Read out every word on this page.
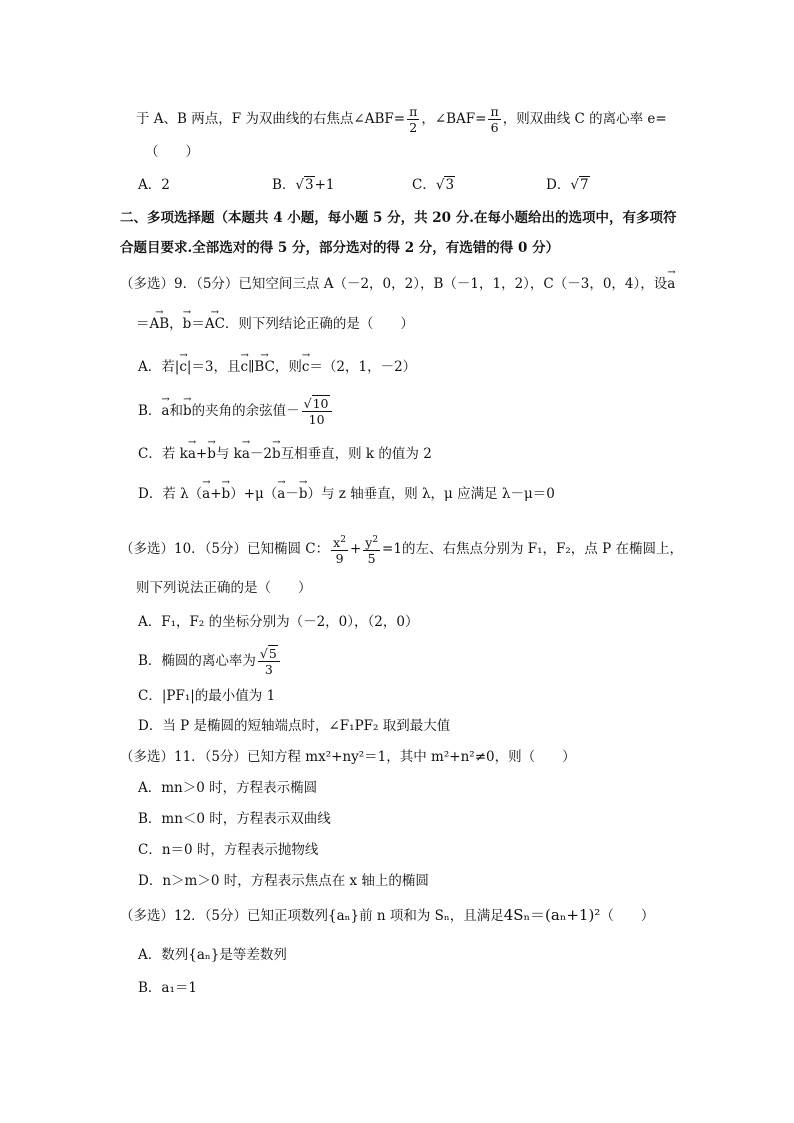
于 A、B 两点，F 为双曲线的右焦点∠ABF= $\frac{\pi}{2}$ ，∠BAF= $\frac{\pi}{6}$ ，则双曲线 C 的离心率 e=
（　　）
A．2	B．√3+1	C．√3	D．√7
二、多项选择题（本题共 4 小题，每小题 5 分，共 20 分.在每小题给出的选项中，有多项符
合题目要求.全部选对的得 5 分，部分选对的得 2 分，有选错的得 0 分）
（多选）9．（5分）已知空间三点 A（－2，0，2），B（－1，1，2），C（－3，0，4），设→ a
＝→ AB，→ b＝→ AC．则下列结论正确的是（　　）
A．若|→ c|＝3，且→ c∥→ BC，则→ c＝（2，1，－2）
B．→ a和→ b的夹角的余弦值－ $\frac{√10}{10}$
C．若 k→ a+→ b与 k→ a－2→ b互相垂直，则 k 的值为 2
D．若 λ（→ a+→ b）+μ（→ a－→ b）与 z 轴垂直，则 λ，μ 应满足 λ－μ＝0
（多选）10．（5分）已知椭圆 C： $\frac{x^2}{9} + \frac{y^2}{5} =1$的左、右焦点分别为 F₁，F₂，点 P 在椭圆上，
则下列说法正确的是（　　）
A．F₁，F₂ 的坐标分别为（－2，0），（2，0）
B．椭圆的离心率为 $\frac{√5}{3}$
C．|PF₁|的最小值为 1
D．当 P 是椭圆的短轴端点时，∠F₁PF₂ 取到最大值
（多选）11．（5分）已知方程 mx²+ny²＝1，其中 m²+n²≠0，则（　　）
A．mn＞0 时，方程表示椭圆
B．mn＜0 时，方程表示双曲线
C．n＝0 时，方程表示抛物线
D．n＞m＞0 时，方程表示焦点在 x 轴上的椭圆
（多选）12．（5分）已知正项数列{aₙ}前 n 项和为 Sₙ，且满足4Sₙ＝(aₙ+1)²（　　）
A．数列{aₙ}是等差数列
B．a₁＝1
